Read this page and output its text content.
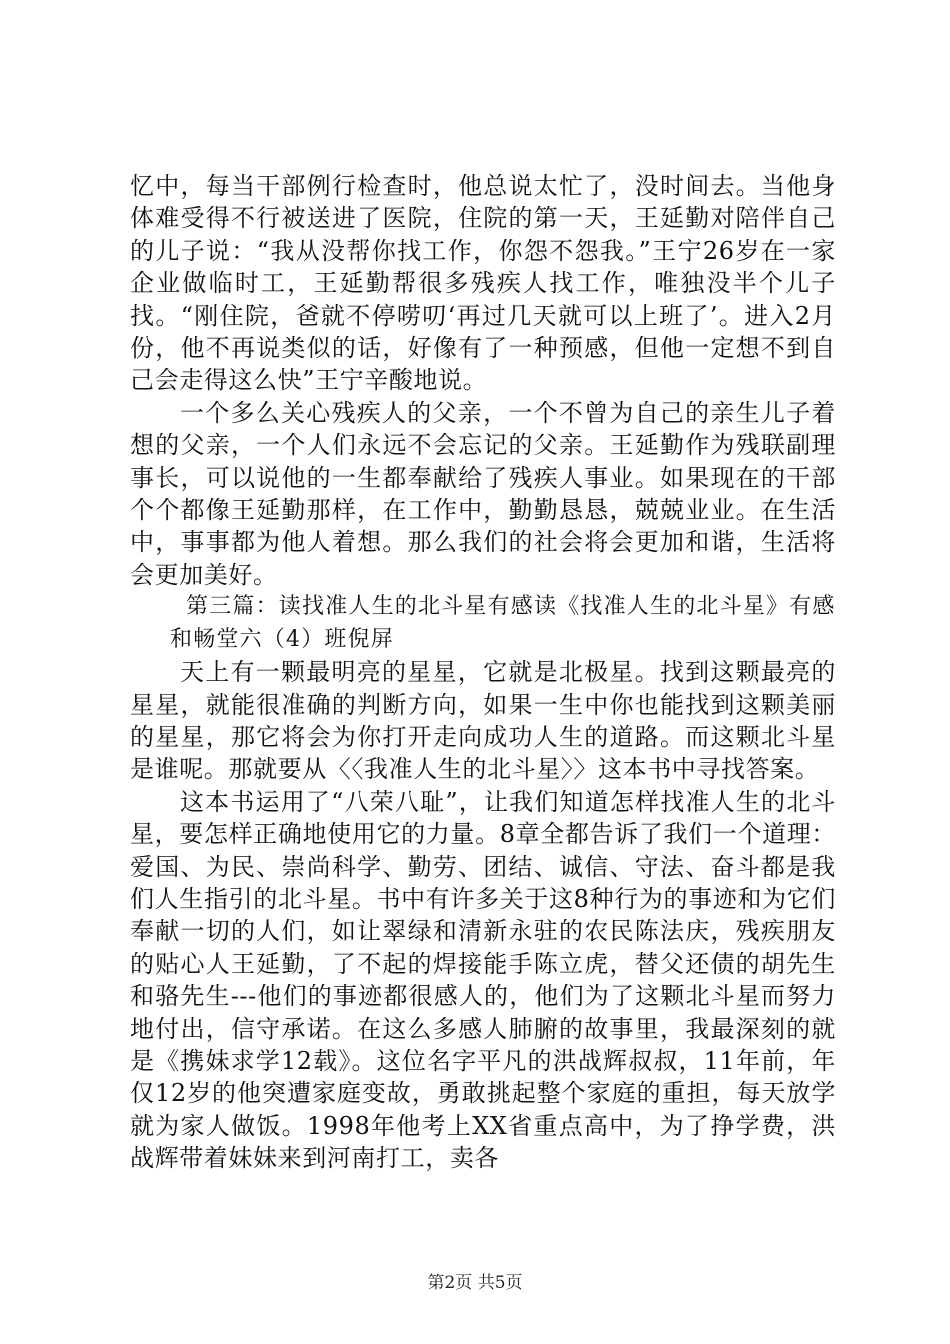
忆中，每当干部例行检查时，他总说太忙了，没时间去。当他身体难受得不行被送进了医院，住院的第一天，王延勤对陪伴自己的儿子说：“我从没帮你找工作，你怨不怨我。”王宁26岁在一家企业做临时工，王延勤帮很多残疾人找工作，唯独没半个儿子找。“刚住院，爸就不停唠叨‘再过几天就可以上班了’。进入2月份，他不再说类似的话，好像有了一种预感，但他一定想不到自己会走得这么快”王宁辛酸地说。

一个多么关心残疾人的父亲，一个不曾为自己的亲生儿子着想的父亲，一个人们永远不会忘记的父亲。王延勤作为残联副理事长，可以说他的一生都奉献给了残疾人事业。如果现在的干部个个都像王延勤那样，在工作中，勤勤恳恳，兢兢业业。在生活中，事事都为他人着想。那么我们的社会将会更加和谐，生活将会更加美好。

第三篇：读找准人生的北斗星有感读《找准人生的北斗星》有感

和畅堂六（4）班倪屏

天上有一颗最明亮的星星，它就是北极星。找到这颗最亮的星星，就能很准确的判断方向，如果一生中你也能找到这颗美丽的星星，那它将会为你打开走向成功人生的道路。而这颗北斗星是谁呢。那就要从〈〈我准人生的北斗星〉〉这本书中寻找答案。

这本书运用了“八荣八耻”，让我们知道怎样找准人生的北斗星，要怎样正确地使用它的力量。8章全都告诉了我们一个道理：爱国、为民、崇尚科学、勤劳、团结、诚信、守法、奋斗都是我们人生指引的北斗星。书中有许多关于这8种行为的事迹和为它们奉献一切的人们，如让翠绿和清新永驻的农民陈法庆，残疾朋友的贴心人王延勤，了不起的焊接能手陈立虎，替父还债的胡先生和骆先生---他们的事迹都很感人的，他们为了这颗北斗星而努力地付出，信守承诺。在这么多感人肺腑的故事里，我最深刻的就是《携妹求学12载》。这位名字平凡的洪战辉叔叔，11年前，年仅12岁的他突遭家庭变故，勇敢挑起整个家庭的重担，每天放学就为家人做饭。1998年他考上XX省重点高中，为了挣学费，洪战辉带着妹妹来到河南打工，卖各

第2页 共5页
